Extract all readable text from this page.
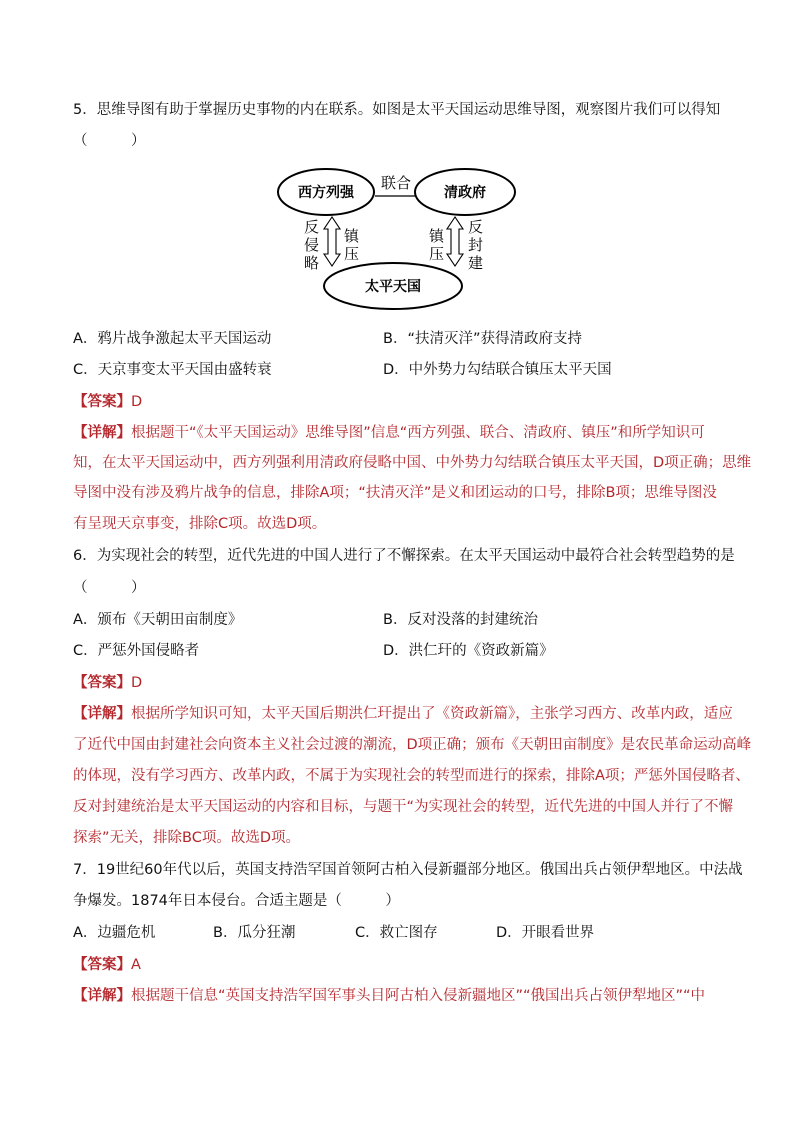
5．思维导图有助于掌握历史事物的内在联系。如图是太平天国运动思维导图，观察图片我们可以得知
（　　　）
西方列强	清政府
太平天国
联合
反
侵
略
镇
压
镇
压
反
封
建
A．鸦片战争激起太平天国运动	B．“扶清灭洋”获得清政府支持
C．天京事变太平天国由盛转衰	D．中外势力勾结联合镇压太平天国
【答案】D
【详解】根据题干“《太平天国运动》思维导图”信息“西方列强、联合、清政府、镇压”和所学知识可
知，在太平天国运动中，西方列强利用清政府侵略中国、中外势力勾结联合镇压太平天国，D项正确；思维
导图中没有涉及鸦片战争的信息，排除A项；“扶清灭洋”是义和团运动的口号，排除B项；思维导图没
有呈现天京事变，排除C项。故选D项。
6．为实现社会的转型，近代先进的中国人进行了不懈探索。在太平天国运动中最符合社会转型趋势的是
（　　　）
A．颁布《天朝田亩制度》	B．反对没落的封建统治
C．严惩外国侵略者	D．洪仁玕的《资政新篇》
【答案】D
【详解】根据所学知识可知，太平天国后期洪仁玕提出了《资政新篇》，主张学习西方、改革内政，适应
了近代中国由封建社会向资本主义社会过渡的潮流，D项正确；颁布《天朝田亩制度》是农民革命运动高峰
的体现，没有学习西方、改革内政，不属于为实现社会的转型而进行的探索，排除A项；严惩外国侵略者、
反对封建统治是太平天国运动的内容和目标，与题干“为实现社会的转型，近代先进的中国人并行了不懈
探索”无关，排除BC项。故选D项。
7．19世纪60年代以后，英国支持浩罕国首领阿古柏入侵新疆部分地区。俄国出兵占领伊犁地区。中法战
争爆发。1874年日本侵台。合适主题是（　　　）
A．边疆危机	B．瓜分狂潮	C．救亡图存	D．开眼看世界
【答案】A
【详解】根据题干信息“英国支持浩罕国军事头目阿古柏入侵新疆地区”“俄国出兵占领伊犁地区”“中
